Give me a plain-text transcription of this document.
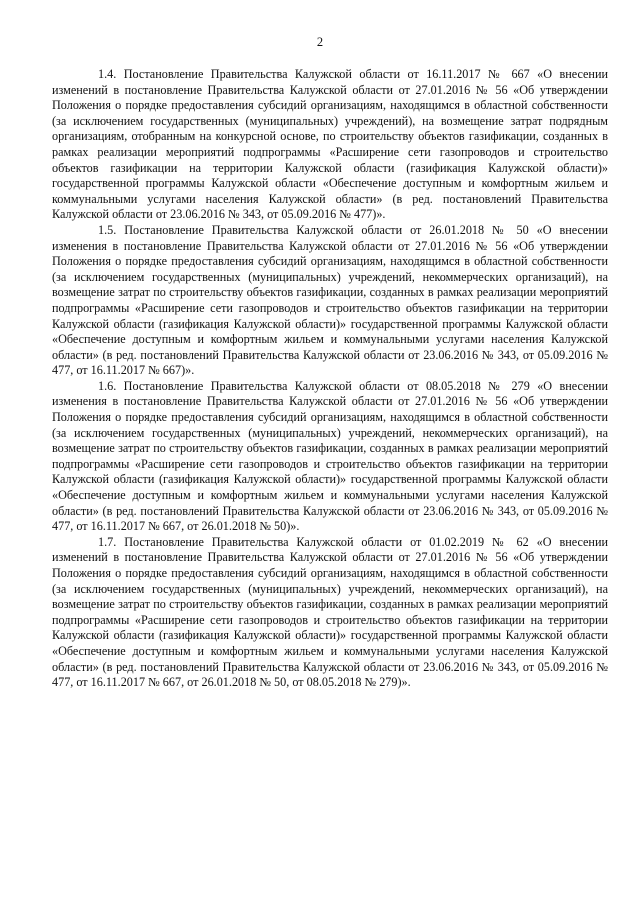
2

1.4. Постановление Правительства Калужской области от 16.11.2017 № 667 «О внесении изменений в постановление Правительства Калужской области от 27.01.2016 № 56 «Об утверждении Положения о порядке предоставления субсидий организациям, находящимся в областной собственности (за исключением государственных (муниципальных) учреждений), на возмещение затрат подрядным организациям, отобранным на конкурсной основе, по строительству объектов газификации, созданных в рамках реализации мероприятий подпрограммы «Расширение сети газопроводов и строительство объектов газификации на территории Калужской области (газификация Калужской области)» государственной программы Калужской области «Обеспечение доступным и комфортным жильем и коммунальными услугами населения Калужской области» (в ред. постановлений Правительства Калужской области от 23.06.2016 № 343, от 05.09.2016 № 477)».

1.5. Постановление Правительства Калужской области от 26.01.2018 № 50 «О внесении изменения в постановление Правительства Калужской области от 27.01.2016 № 56 «Об утверждении Положения о порядке предоставления субсидий организациям, находящимся в областной собственности (за исключением государственных (муниципальных) учреждений, некоммерческих организаций), на возмещение затрат по строительству объектов газификации, созданных в рамках реализации мероприятий подпрограммы «Расширение сети газопроводов и строительство объектов газификации на территории Калужской области (газификация Калужской области)» государственной программы Калужской области «Обеспечение доступным и комфортным жильем и коммунальными услугами населения Калужской области» (в ред. постановлений Правительства Калужской области от 23.06.2016 № 343, от 05.09.2016 № 477, от 16.11.2017 № 667)».

1.6. Постановление Правительства Калужской области от 08.05.2018 № 279 «О внесении изменения в постановление Правительства Калужской области от 27.01.2016 № 56 «Об утверждении Положения о порядке предоставления субсидий организациям, находящимся в областной собственности (за исключением государственных (муниципальных) учреждений, некоммерческих организаций), на возмещение затрат по строительству объектов газификации, созданных в рамках реализации мероприятий подпрограммы «Расширение сети газопроводов и строительство объектов газификации на территории Калужской области (газификация Калужской области)» государственной программы Калужской области «Обеспечение доступным и комфортным жильем и коммунальными услугами населения Калужской области» (в ред. постановлений Правительства Калужской области от 23.06.2016 № 343, от 05.09.2016 № 477, от 16.11.2017 № 667, от 26.01.2018 № 50)».

1.7. Постановление Правительства Калужской области от 01.02.2019 № 62 «О внесении изменений в постановление Правительства Калужской области от 27.01.2016 № 56 «Об утверждении Положения о порядке предоставления субсидий организациям, находящимся в областной собственности (за исключением государственных (муниципальных) учреждений, некоммерческих организаций), на возмещение затрат по строительству объектов газификации, созданных в рамках реализации мероприятий подпрограммы «Расширение сети газопроводов и строительство объектов газификации на территории Калужской области (газификация Калужской области)» государственной программы Калужской области «Обеспечение доступным и комфортным жильем и коммунальными услугами населения Калужской области» (в ред. постановлений Правительства Калужской области от 23.06.2016 № 343, от 05.09.2016 № 477, от 16.11.2017 № 667, от 26.01.2018 № 50, от 08.05.2018 № 279)».
